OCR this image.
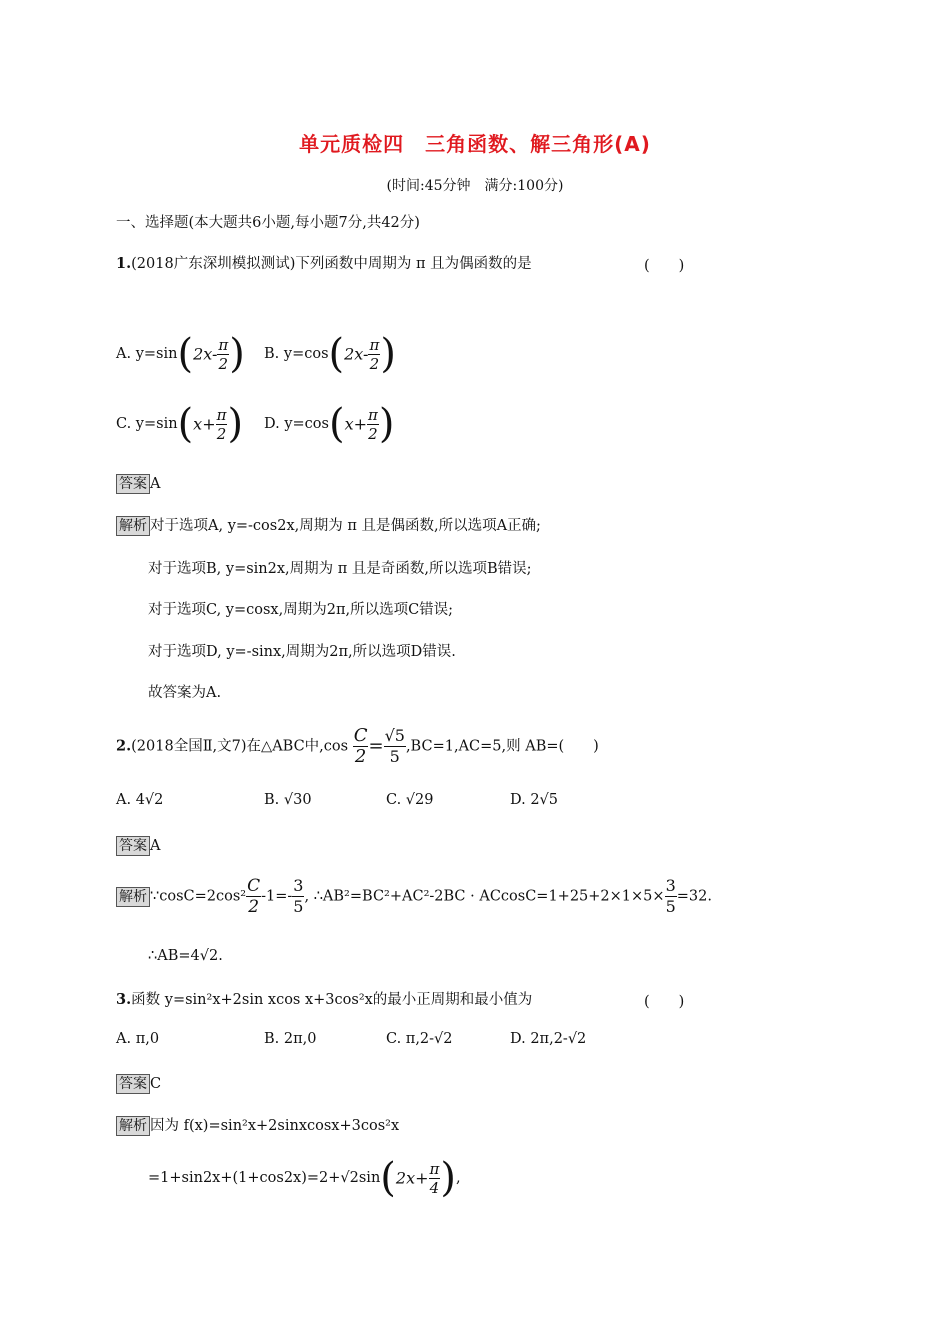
单元质检四　三角函数、解三角形(A)
(时间:45分钟　满分:100分)
一、选择题(本大题共6小题,每小题7分,共42分)
1.(2018广东深圳模拟测试)下列函数中周期为 π 且为偶函数的是	(　　)
A. $y=\sin(2x- \frac{\pi}{2}$ ) B. $y=\cos(2x- \frac{\pi}{2}$ )
C. $y=\sin(x+ \frac{\pi}{2}$ ) D. $y=\cos(x+ \frac{\pi}{2}$ )
答案 A
解析 对于选项A, y=-cos2x,周期为 π 且是偶函数,所以选项A正确;
对于选项B, y=sin2x,周期为 π 且是奇函数,所以选项B错误;
对于选项C, y=cosx,周期为2π,所以选项C错误;
对于选项D, y=-sinx,周期为2π,所以选项D错误.
故答案为A.
2.(2018全国Ⅱ,文7)在△ABC中$,\cos \frac{C}{2} = \frac{√5}{5} ,BC=1,AC=5$,则 AB=(　　)
A. 4√2	B. √30	C. √29	D. 2√5
答案 A
解析 ∵cosC=2cos² $\frac{C}{2} -1=- \frac{3}{5}$ , ∴AB²=BC²+AC²-2BC · $ACcosC=1+25+2\times 1\times 5\times \frac{3}{5} =32$.
∴AB=4√2.
3.函数 y=sin²x+2sin xcos x+3cos²x的最小正周期和最小值为	(　　)
A. π,0	B. 2π,0	C. π,2-√2	D. 2π,2-√2
答案 C
解析 因为 f(x)=sin²x+2sinxcosx+3cos²x
$=1+\sin 2x+(1+\cos 2x)=2+√2\sin(2x+ \frac{\pi}{4}$ ),
